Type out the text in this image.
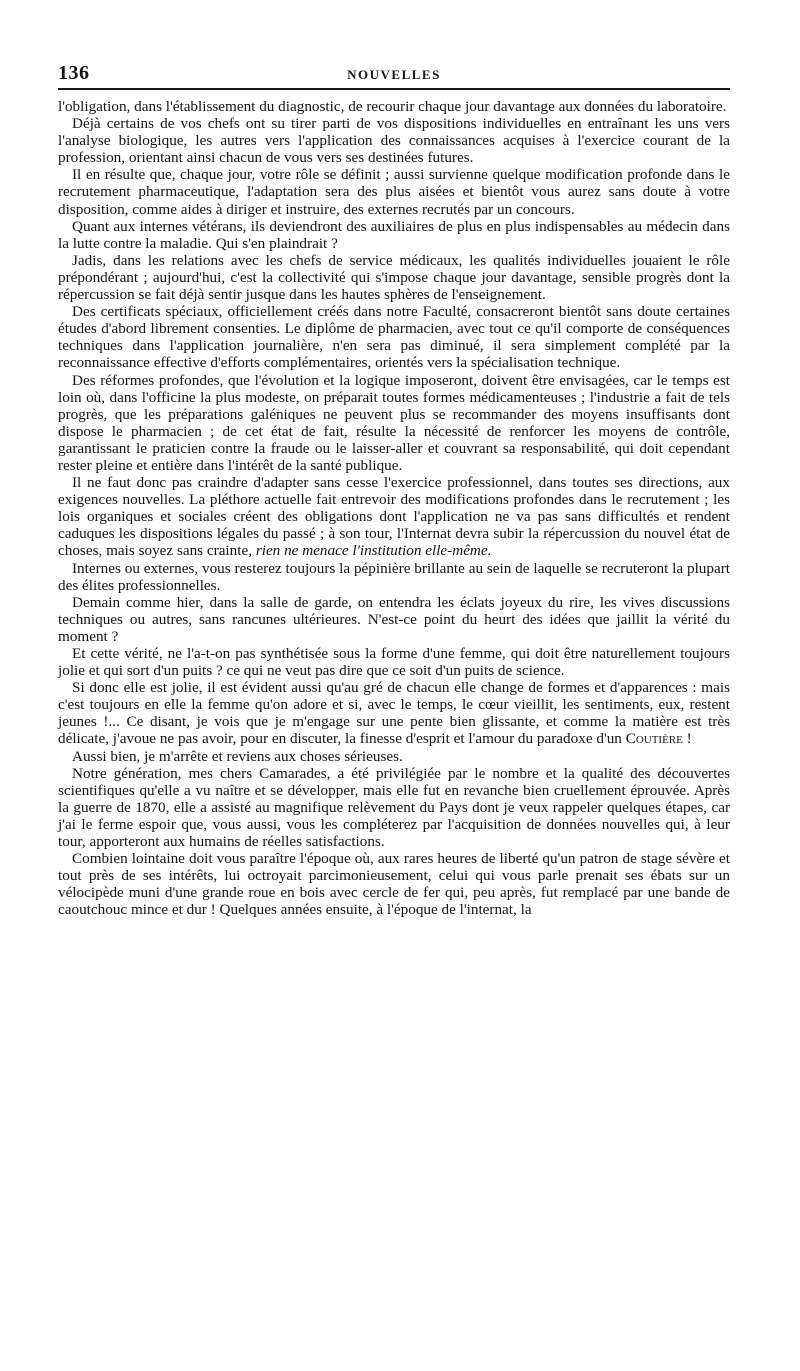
136	NOUVELLES

l'obligation, dans l'établissement du diagnostic, de recourir chaque jour davantage aux données du laboratoire.

Déjà certains de vos chefs ont su tirer parti de vos dispositions individuelles en entraînant les uns vers l'analyse biologique, les autres vers l'application des connaissances acquises à l'exercice courant de la profession, orientant ainsi chacun de vous vers ses destinées futures.

Il en résulte que, chaque jour, votre rôle se définit ; aussi survienne quelque modification profonde dans le recrutement pharmaceutique, l'adaptation sera des plus aisées et bientôt vous aurez sans doute à votre disposition, comme aides à diriger et instruire, des externes recrutés par un concours.

Quant aux internes vétérans, ils deviendront des auxiliaires de plus en plus indispensables au médecin dans la lutte contre la maladie. Qui s'en plaindrait ?

Jadis, dans les relations avec les chefs de service médicaux, les qualités individuelles jouaient le rôle prépondérant ; aujourd'hui, c'est la collectivité qui s'impose chaque jour davantage, sensible progrès dont la répercussion se fait déjà sentir jusque dans les hautes sphères de l'enseignement.

Des certificats spéciaux, officiellement créés dans notre Faculté, consacreront bientôt sans doute certaines études d'abord librement consenties. Le diplôme de pharmacien, avec tout ce qu'il comporte de conséquences techniques dans l'application journalière, n'en sera pas diminué, il sera simplement complété par la reconnaissance effective d'efforts complémentaires, orientés vers la spécialisation technique.

Des réformes profondes, que l'évolution et la logique imposeront, doivent être envisagées, car le temps est loin où, dans l'officine la plus modeste, on préparait toutes formes médicamenteuses ; l'industrie a fait de tels progrès, que les préparations galéniques ne peuvent plus se recommander des moyens insuffisants dont dispose le pharmacien ; de cet état de fait, résulte la nécessité de renforcer les moyens de contrôle, garantissant le praticien contre la fraude ou le laisser-aller et couvrant sa responsabilité, qui doit cependant rester pleine et entière dans l'intérêt de la santé publique.

Il ne faut donc pas craindre d'adapter sans cesse l'exercice professionnel, dans toutes ses directions, aux exigences nouvelles. La pléthore actuelle fait entrevoir des modifications profondes dans le recrutement ; les lois organiques et sociales créent des obligations dont l'application ne va pas sans difficultés et rendent caduques les dispositions légales du passé ; à son tour, l'Internat devra subir la répercussion du nouvel état de choses, mais soyez sans crainte, rien ne menace l'institution elle-même.

Internes ou externes, vous resterez toujours la pépinière brillante au sein de laquelle se recruteront la plupart des élites professionnelles.

Demain comme hier, dans la salle de garde, on entendra les éclats joyeux du rire, les vives discussions techniques ou autres, sans rancunes ultérieures. N'est-ce point du heurt des idées que jaillit la vérité du moment ?

Et cette vérité, ne l'a-t-on pas synthétisée sous la forme d'une femme, qui doit être naturellement toujours jolie et qui sort d'un puits ? ce qui ne veut pas dire que ce soit d'un puits de science.

Si donc elle est jolie, il est évident aussi qu'au gré de chacun elle change de formes et d'apparences : mais c'est toujours en elle la femme qu'on adore et si, avec le temps, le cœur vieillit, les sentiments, eux, restent jeunes !... Ce disant, je vois que je m'engage sur une pente bien glissante, et comme la matière est très délicate, j'avoue ne pas avoir, pour en discuter, la finesse d'esprit et l'amour du paradoxe d'un Coutière !

Aussi bien, je m'arrête et reviens aux choses sérieuses.

Notre génération, mes chers Camarades, a été privilégiée par le nombre et la qualité des découvertes scientifiques qu'elle a vu naître et se développer, mais elle fut en revanche bien cruellement éprouvée. Après la guerre de 1870, elle a assisté au magnifique relèvement du Pays dont je veux rappeler quelques étapes, car j'ai le ferme espoir que, vous aussi, vous les compléterez par l'acquisition de données nouvelles qui, à leur tour, apporteront aux humains de réelles satisfactions.

Combien lointaine doit vous paraître l'époque où, aux rares heures de liberté qu'un patron de stage sévère et tout près de ses intérêts, lui octroyait parcimonieusement, celui qui vous parle prenait ses ébats sur un vélocipède muni d'une grande roue en bois avec cercle de fer qui, peu après, fut remplacé par une bande de caoutchouc mince et dur ! Quelques années ensuite, à l'époque de l'internat, la
